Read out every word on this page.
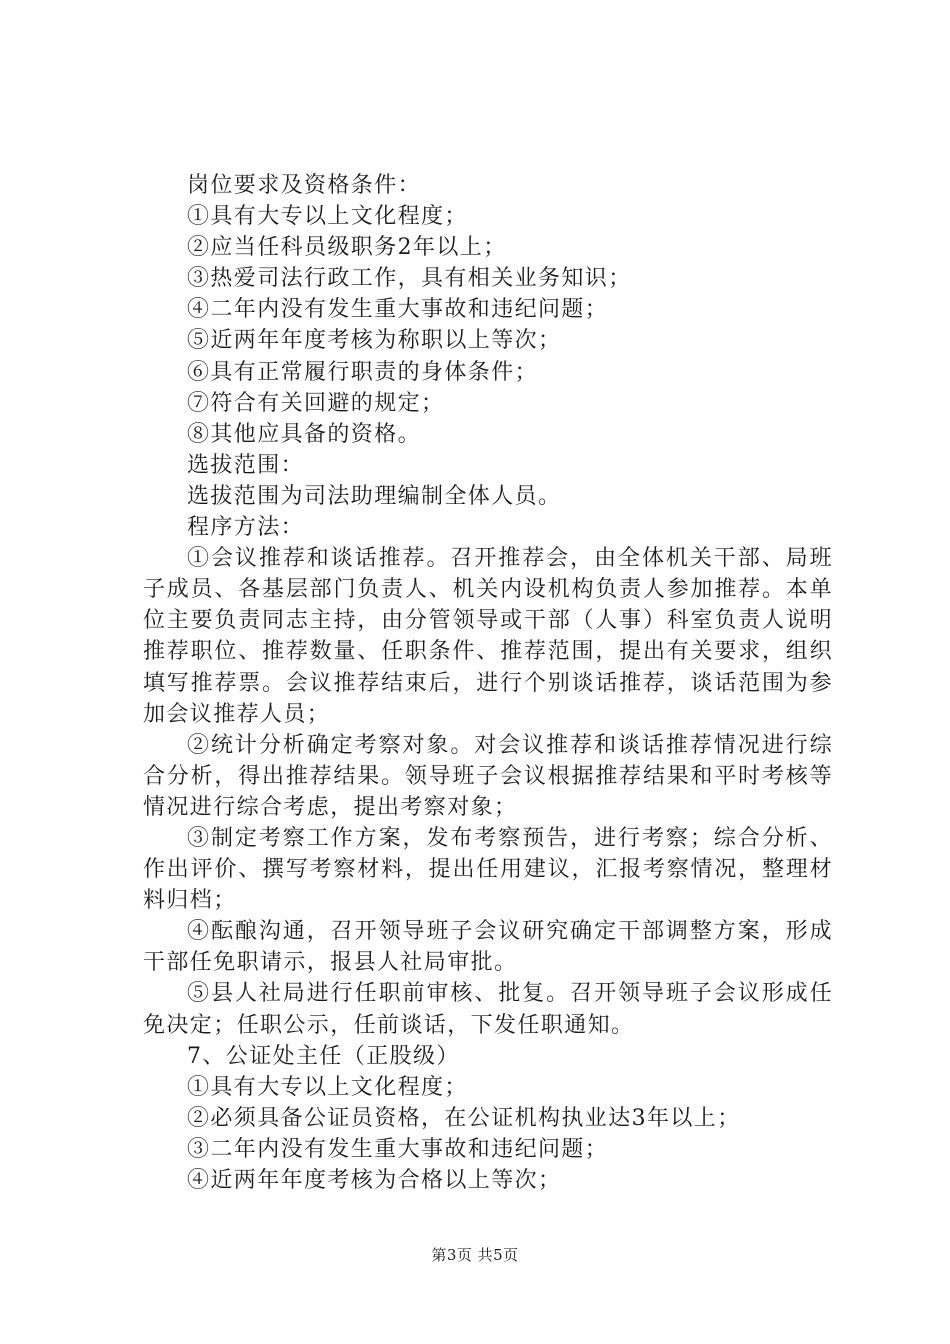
岗位要求及资格条件：

①具有大专以上文化程度；

②应当任科员级职务2年以上；

③热爱司法行政工作，具有相关业务知识；

④二年内没有发生重大事故和违纪问题；

⑤近两年年度考核为称职以上等次；

⑥具有正常履行职责的身体条件；

⑦符合有关回避的规定；

⑧其他应具备的资格。

选拔范围：

选拔范围为司法助理编制全体人员。

程序方法：

①会议推荐和谈话推荐。召开推荐会，由全体机关干部、局班子成员、各基层部门负责人、机关内设机构负责人参加推荐。本单位主要负责同志主持，由分管领导或干部（人事）科室负责人说明推荐职位、推荐数量、任职条件、推荐范围，提出有关要求，组织填写推荐票。会议推荐结束后，进行个别谈话推荐，谈话范围为参加会议推荐人员；

②统计分析确定考察对象。对会议推荐和谈话推荐情况进行综合分析，得出推荐结果。领导班子会议根据推荐结果和平时考核等情况进行综合考虑，提出考察对象；

③制定考察工作方案，发布考察预告，进行考察；综合分析、作出评价、撰写考察材料，提出任用建议，汇报考察情况，整理材料归档；

④酝酿沟通，召开领导班子会议研究确定干部调整方案，形成干部任免职请示，报县人社局审批。

⑤县人社局进行任职前审核、批复。召开领导班子会议形成任免决定；任职公示，任前谈话，下发任职通知。

7、公证处主任（正股级）

①具有大专以上文化程度；

②必须具备公证员资格，在公证机构执业达3年以上；

③二年内没有发生重大事故和违纪问题；

④近两年年度考核为合格以上等次；

第3页 共5页
